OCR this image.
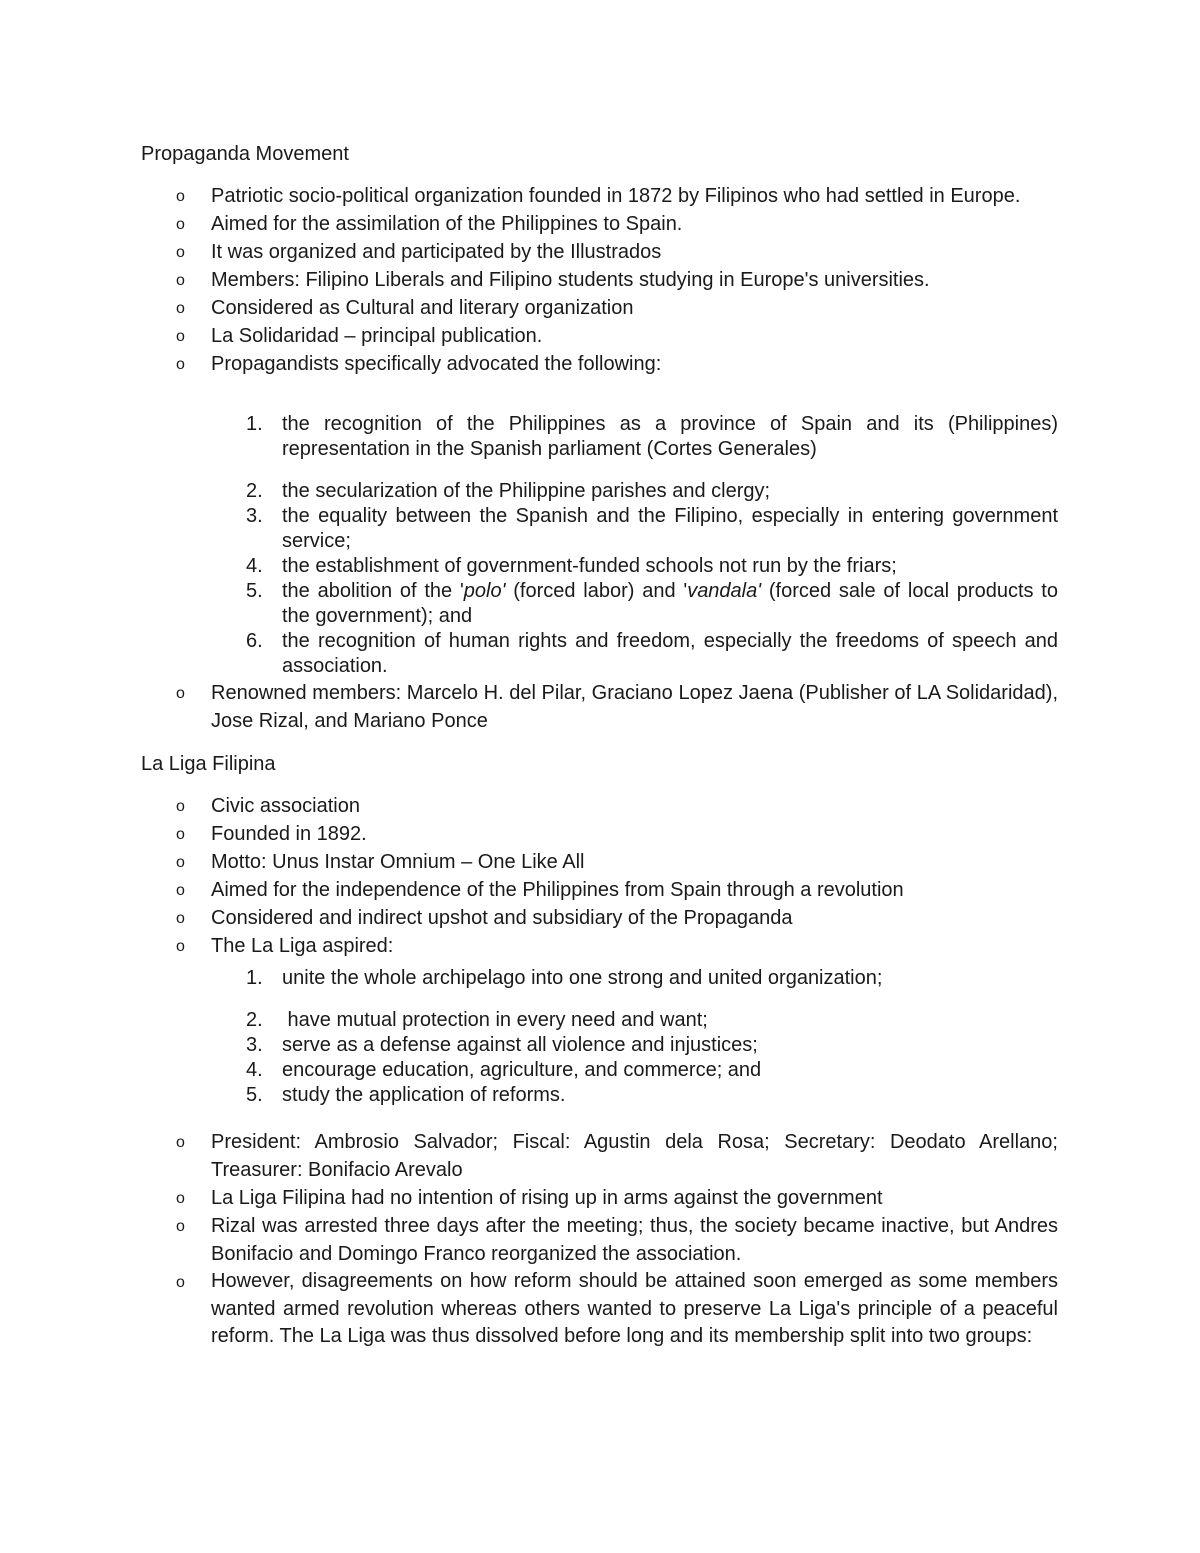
Propaganda Movement
o Patriotic socio-political organization founded in 1872 by Filipinos who had settled in Europe.
o Aimed for the assimilation of the Philippines to Spain.
o It was organized and participated by the Illustrados
o Members: Filipino Liberals and Filipino students studying in Europe's universities.
o Considered as Cultural and literary organization
o La Solidaridad – principal publication.
o Propagandists specifically advocated the following:
1. the recognition of the Philippines as a province of Spain and its (Philippines) representation in the Spanish parliament (Cortes Generales)
2. the secularization of the Philippine parishes and clergy;
3. the equality between the Spanish and the Filipino, especially in entering government service;
4. the establishment of government-funded schools not run by the friars;
5. the abolition of the 'polo' (forced labor) and 'vandala' (forced sale of local products to the government); and
6. the recognition of human rights and freedom, especially the freedoms of speech and association.
o Renowned members: Marcelo H. del Pilar, Graciano Lopez Jaena (Publisher of LA Solidaridad), Jose Rizal, and Mariano Ponce
La Liga Filipina
o Civic association
o Founded in 1892.
o Motto: Unus Instar Omnium – One Like All
o Aimed for the independence of the Philippines from Spain through a revolution
o Considered and indirect upshot and subsidiary of the Propaganda
o The La Liga aspired:
1. unite the whole archipelago into one strong and united organization;
2. have mutual protection in every need and want;
3. serve as a defense against all violence and injustices;
4. encourage education, agriculture, and commerce; and
5. study the application of reforms.
o President: Ambrosio Salvador; Fiscal: Agustin dela Rosa; Secretary: Deodato Arellano; Treasurer: Bonifacio Arevalo
o La Liga Filipina had no intention of rising up in arms against the government
o Rizal was arrested three days after the meeting; thus, the society became inactive, but Andres Bonifacio and Domingo Franco reorganized the association.
o However, disagreements on how reform should be attained soon emerged as some members wanted armed revolution whereas others wanted to preserve La Liga's principle of a peaceful reform. The La Liga was thus dissolved before long and its membership split into two groups:
